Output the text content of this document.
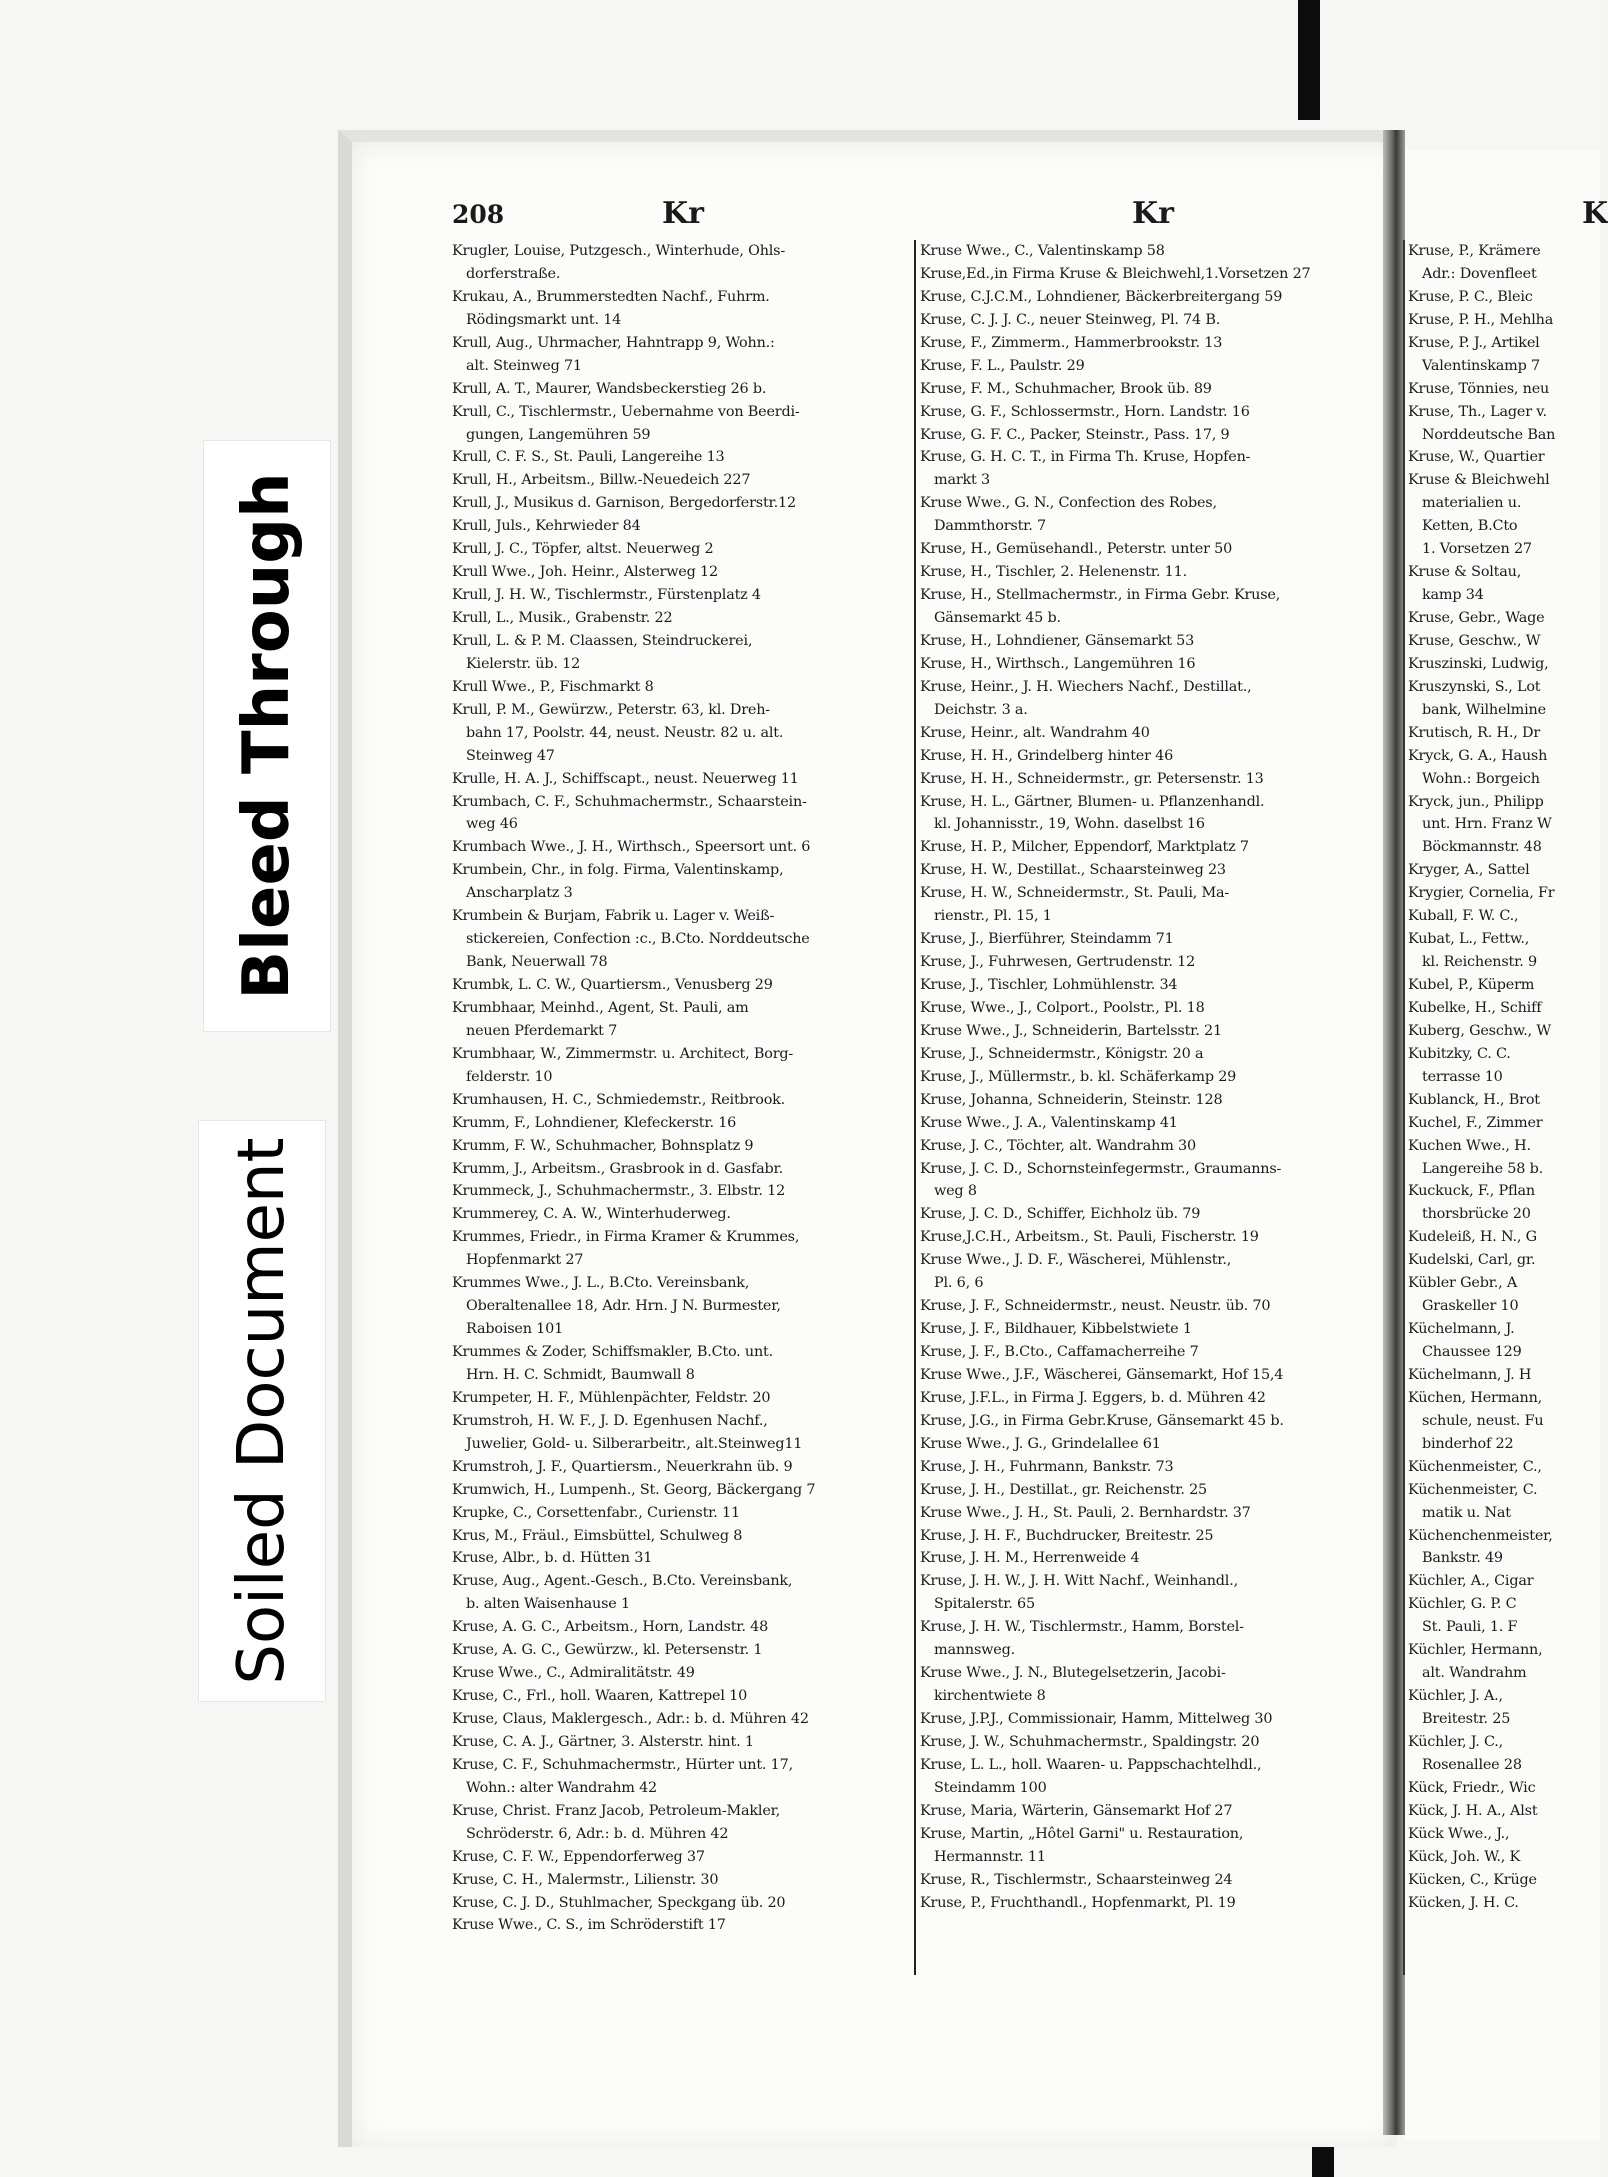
Bleed Through
Soiled Document
208	Kr	Kr	K
Krugler, Louise, Putzgesch., Winterhude, Ohls-
dorferstraße.
Krukau, A., Brummerstedten Nachf., Fuhrm.
Rödingsmarkt unt. 14
Krull, Aug., Uhrmacher, Hahntrapp 9, Wohn.:
alt. Steinweg 71
Krull, A. T., Maurer, Wandsbeckerstieg 26 b.
Krull, C., Tischlermstr., Uebernahme von Beerdi-
gungen, Langemühren 59
Krull, C. F. S., St. Pauli, Langereihe 13
Krull, H., Arbeitsm., Billw.-Neuedeich 227
Krull, J., Musikus d. Garnison, Bergedorferstr.12
Krull, Juls., Kehrwieder 84
Krull, J. C., Töpfer, altst. Neuerweg 2
Krull Wwe., Joh. Heinr., Alsterweg 12
Krull, J. H. W., Tischlermstr., Fürstenplatz 4
Krull, L., Musik., Grabenstr. 22
Krull, L. & P. M. Claassen, Steindruckerei,
Kielerstr. üb. 12
Krull Wwe., P., Fischmarkt 8
Krull, P. M., Gewürzw., Peterstr. 63, kl. Dreh-
bahn 17, Poolstr. 44, neust. Neustr. 82 u. alt.
Steinweg 47
Krulle, H. A. J., Schiffscapt., neust. Neuerweg 11
Krumbach, C. F., Schuhmachermstr., Schaarstein-
weg 46
Krumbach Wwe., J. H., Wirthsch., Speersort unt. 6
Krumbein, Chr., in folg. Firma, Valentinskamp,
Anscharplatz 3
Krumbein & Burjam, Fabrik u. Lager v. Weiß-
stickereien, Confection :c., B.Cto. Norddeutsche
Bank, Neuerwall 78
Krumbk, L. C. W., Quartiersm., Venusberg 29
Krumbhaar, Meinhd., Agent, St. Pauli, am
neuen Pferdemarkt 7
Krumbhaar, W., Zimmermstr. u. Architect, Borg-
felderstr. 10
Krumhausen, H. C., Schmiedemstr., Reitbrook.
Krumm, F., Lohndiener, Klefeckerstr. 16
Krumm, F. W., Schuhmacher, Bohnsplatz 9
Krumm, J., Arbeitsm., Grasbrook in d. Gasfabr.
Krummeck, J., Schuhmachermstr., 3. Elbstr. 12
Krummerey, C. A. W., Winterhuderweg.
Krummes, Friedr., in Firma Kramer & Krummes,
Hopfenmarkt 27
Krummes Wwe., J. L., B.Cto. Vereinsbank,
Oberaltenallee 18, Adr. Hrn. J N. Burmester,
Raboisen 101
Krummes & Zoder, Schiffsmakler, B.Cto. unt.
Hrn. H. C. Schmidt, Baumwall 8
Krumpeter, H. F., Mühlenpächter, Feldstr. 20
Krumstroh, H. W. F., J. D. Egenhusen Nachf.,
Juwelier, Gold- u. Silberarbeitr., alt.Steinweg11
Krumstroh, J. F., Quartiersm., Neuerkrahn üb. 9
Krumwich, H., Lumpenh., St. Georg, Bäckergang 7
Krupke, C., Corsettenfabr., Curienstr. 11
Krus, M., Fräul., Eimsbüttel, Schulweg 8
Kruse, Albr., b. d. Hütten 31
Kruse, Aug., Agent.-Gesch., B.Cto. Vereinsbank,
b. alten Waisenhause 1
Kruse, A. G. C., Arbeitsm., Horn, Landstr. 48
Kruse, A. G. C., Gewürzw., kl. Petersenstr. 1
Kruse Wwe., C., Admiralitätstr. 49
Kruse, C., Frl., holl. Waaren, Kattrepel 10
Kruse, Claus, Maklergesch., Adr.: b. d. Mühren 42
Kruse, C. A. J., Gärtner, 3. Alsterstr. hint. 1
Kruse, C. F., Schuhmachermstr., Hürter unt. 17,
Wohn.: alter Wandrahm 42
Kruse, Christ. Franz Jacob, Petroleum-Makler,
Schröderstr. 6, Adr.: b. d. Mühren 42
Kruse, C. F. W., Eppendorferweg 37
Kruse, C. H., Malermstr., Lilienstr. 30
Kruse, C. J. D., Stuhlmacher, Speckgang üb. 20
Kruse Wwe., C. S., im Schröderstift 17
Kruse Wwe., C., Valentinskamp 58
Kruse,Ed.,in Firma Kruse & Bleichwehl,1.Vorsetzen 27
Kruse, C.J.C.M., Lohndiener, Bäckerbreitergang 59
Kruse, C. J. J. C., neuer Steinweg, Pl. 74 B.
Kruse, F., Zimmerm., Hammerbrookstr. 13
Kruse, F. L., Paulstr. 29
Kruse, F. M., Schuhmacher, Brook üb. 89
Kruse, G. F., Schlossermstr., Horn. Landstr. 16
Kruse, G. F. C., Packer, Steinstr., Pass. 17, 9
Kruse, G. H. C. T., in Firma Th. Kruse, Hopfen-
markt 3
Kruse Wwe., G. N., Confection des Robes,
Dammthorstr. 7
Kruse, H., Gemüsehandl., Peterstr. unter 50
Kruse, H., Tischler, 2. Helenenstr. 11.
Kruse, H., Stellmachermstr., in Firma Gebr. Kruse,
Gänsemarkt 45 b.
Kruse, H., Lohndiener, Gänsemarkt 53
Kruse, H., Wirthsch., Langemühren 16
Kruse, Heinr., J. H. Wiechers Nachf., Destillat.,
Deichstr. 3 a.
Kruse, Heinr., alt. Wandrahm 40
Kruse, H. H., Grindelberg hinter 46
Kruse, H. H., Schneidermstr., gr. Petersenstr. 13
Kruse, H. L., Gärtner, Blumen- u. Pflanzenhandl.
kl. Johannisstr., 19, Wohn. daselbst 16
Kruse, H. P., Milcher, Eppendorf, Marktplatz 7
Kruse, H. W., Destillat., Schaarsteinweg 23
Kruse, H. W., Schneidermstr., St. Pauli, Ma-
rienstr., Pl. 15, 1
Kruse, J., Bierführer, Steindamm 71
Kruse, J., Fuhrwesen, Gertrudenstr. 12
Kruse, J., Tischler, Lohmühlenstr. 34
Kruse, Wwe., J., Colport., Poolstr., Pl. 18
Kruse Wwe., J., Schneiderin, Bartelsstr. 21
Kruse, J., Schneidermstr., Königstr. 20 a
Kruse, J., Müllermstr., b. kl. Schäferkamp 29
Kruse, Johanna, Schneiderin, Steinstr. 128
Kruse Wwe., J. A., Valentinskamp 41
Kruse, J. C., Töchter, alt. Wandrahm 30
Kruse, J. C. D., Schornsteinfegermstr., Graumanns-
weg 8
Kruse, J. C. D., Schiffer, Eichholz üb. 79
Kruse,J.C.H., Arbeitsm., St. Pauli, Fischerstr. 19
Kruse Wwe., J. D. F., Wäscherei, Mühlenstr.,
Pl. 6, 6
Kruse, J. F., Schneidermstr., neust. Neustr. üb. 70
Kruse, J. F., Bildhauer, Kibbelstwiete 1
Kruse, J. F., B.Cto., Caffamacherreihe 7
Kruse Wwe., J.F., Wäscherei, Gänsemarkt, Hof 15,4
Kruse, J.F.L., in Firma J. Eggers, b. d. Mühren 42
Kruse, J.G., in Firma Gebr.Kruse, Gänsemarkt 45 b.
Kruse Wwe., J. G., Grindelallee 61
Kruse, J. H., Fuhrmann, Bankstr. 73
Kruse, J. H., Destillat., gr. Reichenstr. 25
Kruse Wwe., J. H., St. Pauli, 2. Bernhardstr. 37
Kruse, J. H. F., Buchdrucker, Breitestr. 25
Kruse, J. H. M., Herrenweide 4
Kruse, J. H. W., J. H. Witt Nachf., Weinhandl.,
Spitalerstr. 65
Kruse, J. H. W., Tischlermstr., Hamm, Borstel-
mannsweg.
Kruse Wwe., J. N., Blutegelsetzerin, Jacobi-
kirchentwiete 8
Kruse, J.P.J., Commissionair, Hamm, Mittelweg 30
Kruse, J. W., Schuhmachermstr., Spaldingstr. 20
Kruse, L. L., holl. Waaren- u. Pappschachtelhdl.,
Steindamm 100
Kruse, Maria, Wärterin, Gänsemarkt Hof 27
Kruse, Martin, „Hôtel Garni" u. Restauration,
Hermannstr. 11
Kruse, R., Tischlermstr., Schaarsteinweg 24
Kruse, P., Fruchthandl., Hopfenmarkt, Pl. 19
Kruse, P., Krämere
Adr.: Dovenfleet
Kruse, P. C., Bleic
Kruse, P. H., Mehlha
Kruse, P. J., Artikel
Valentinskamp 7
Kruse, Tönnies, neu
Kruse, Th., Lager v.
Norddeutsche Ban
Kruse, W., Quartier
Kruse & Bleichwehl
materialien u.
Ketten, B.Cto
1. Vorsetzen 27
Kruse & Soltau,
kamp 34
Kruse, Gebr., Wage
Kruse, Geschw., W
Kruszinski, Ludwig,
Kruszynski, S., Lot
bank, Wilhelmine
Krutisch, R. H., Dr
Kryck, G. A., Haush
Wohn.: Borgeich
Kryck, jun., Philipp
unt. Hrn. Franz W
Böckmannstr. 48
Kryger, A., Sattel
Krygier, Cornelia, Fr
Kuball, F. W. C.,
Kubat, L., Fettw.,
kl. Reichenstr. 9
Kubel, P., Küperm
Kubelke, H., Schiff
Kuberg, Geschw., W
Kubitzky, C. C.
terrasse 10
Kublanck, H., Brot
Kuchel, F., Zimmer
Kuchen Wwe., H.
Langereihe 58 b.
Kuckuck, F., Pflan
thorsbrücke 20
Kudeleiß, H. N., G
Kudelski, Carl, gr.
Kübler Gebr., A
Graskeller 10
Küchelmann, J.
Chaussee 129
Küchelmann, J. H
Küchen, Hermann,
schule, neust. Fu
binderhof 22
Küchenmeister, C.,
Küchenmeister, C.
matik u. Nat
Küchenchenmeister,
Bankstr. 49
Küchler, A., Cigar
Küchler, G. P. C
St. Pauli, 1. F
Küchler, Hermann,
alt. Wandrahm
Küchler, J. A.,
Breitestr. 25
Küchler, J. C.,
Rosenallee 28
Kück, Friedr., Wic
Kück, J. H. A., Alst
Kück Wwe., J.,
Kück, Joh. W., K
Kücken, C., Krüge
Kücken, J. H. C.
